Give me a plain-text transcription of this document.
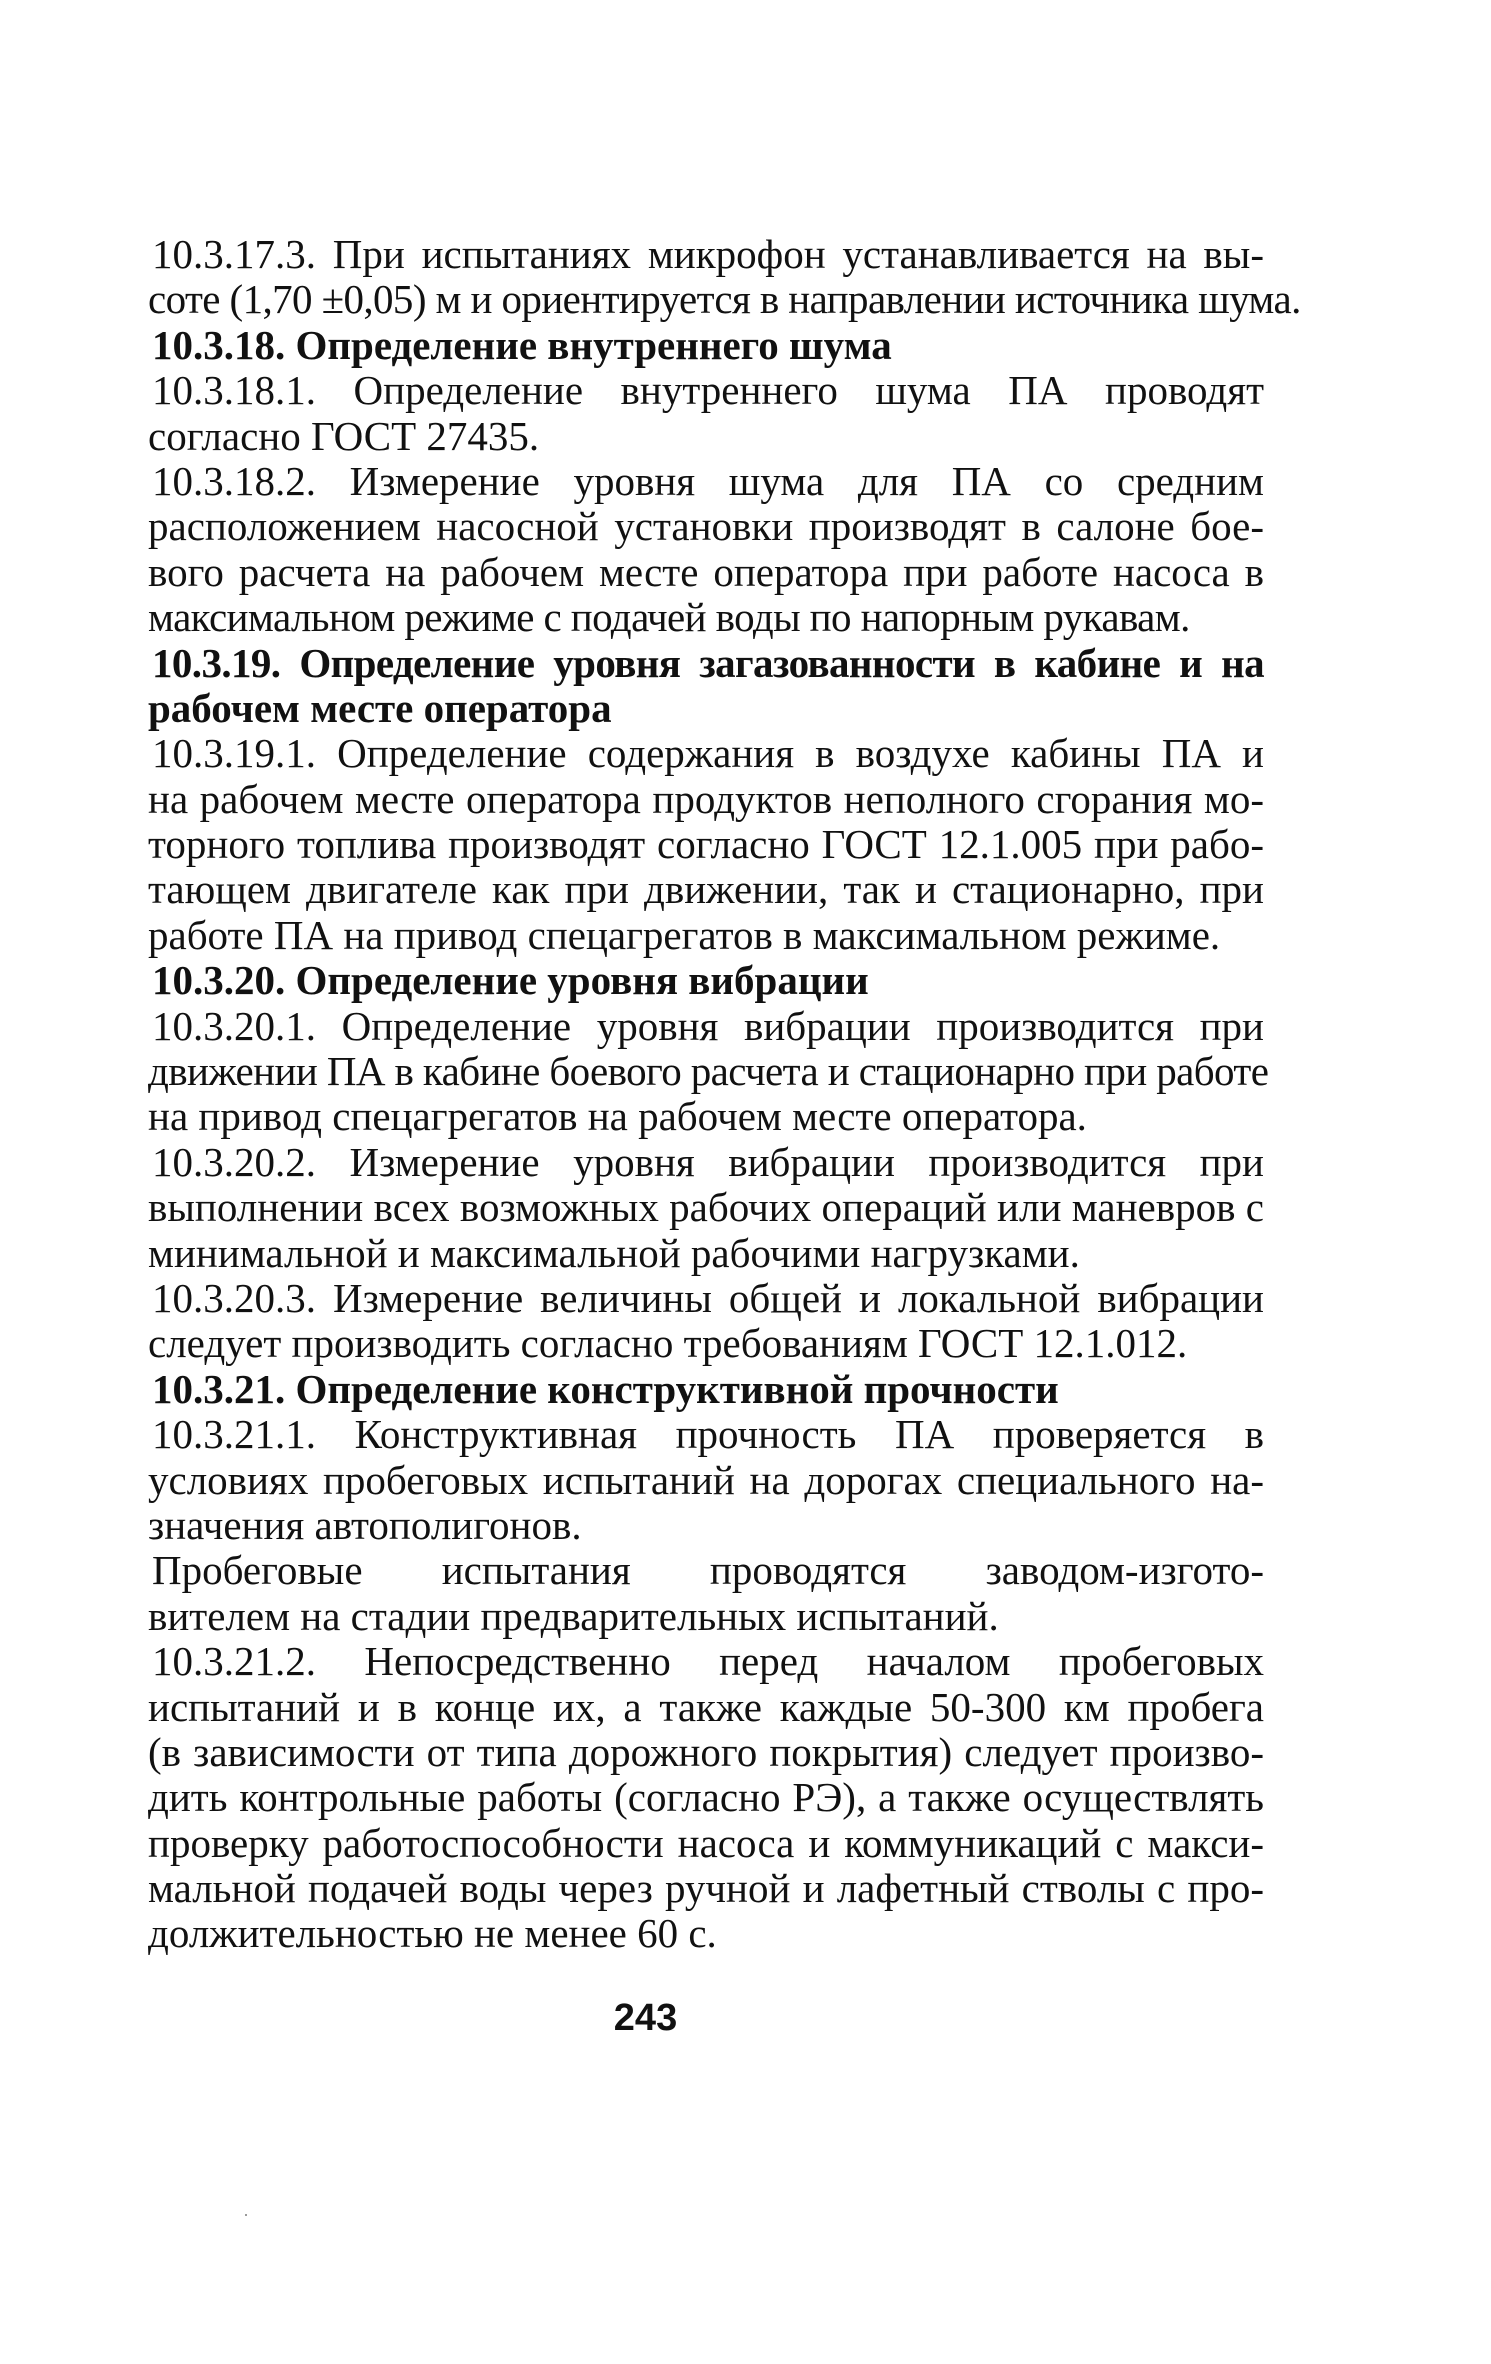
10.3.17.3. При испытаниях микрофон устанавливается на вы-
соте (1,70 ±0,05) м и ориентируется в направлении источника шума.
10.3.18. Определение внутреннего шума
10.3.18.1. Определение внутреннего шума ПА проводят
согласно ГОСТ 27435.
10.3.18.2. Измерение уровня шума для ПА со средним
расположением насосной установки производят в салоне бое-
вого расчета на рабочем месте оператора при работе насоса в
максимальном режиме с подачей воды по напорным рукавам.
10.3.19. Определение уровня загазованности в кабине и на
рабочем месте оператора
10.3.19.1. Определение содержания в воздухе кабины ПА и
на рабочем месте оператора продуктов неполного сгорания мо-
торного топлива производят согласно ГОСТ 12.1.005 при рабо-
тающем двигателе как при движении, так и стационарно, при
работе ПА на привод спецагрегатов в максимальном режиме.
10.3.20. Определение уровня вибрации
10.3.20.1. Определение уровня вибрации производится при
движении ПА в кабине боевого расчета и стационарно при работе
на привод спецагрегатов на рабочем месте оператора.
10.3.20.2. Измерение уровня вибрации производится при
выполнении всех возможных рабочих операций или маневров с
минимальной и максимальной рабочими нагрузками.
10.3.20.3. Измерение величины общей и локальной вибрации
следует производить согласно требованиям ГОСТ 12.1.012.
10.3.21. Определение конструктивной прочности
10.3.21.1. Конструктивная прочность ПА проверяется в
условиях пробеговых испытаний на дорогах специального на-
значения автополигонов.
Пробеговые испытания проводятся заводом-изгото-
вителем на стадии предварительных испытаний.
10.3.21.2. Непосредственно перед началом пробеговых
испытаний и в конце их, а также каждые 50-300 км пробега
(в зависимости от типа дорожного покрытия) следует произво-
дить контрольные работы (согласно РЭ), а также осуществлять
проверку работоспособности насоса и коммуникаций с макси-
мальной подачей воды через ручной и лафетный стволы с про-
должительностью не менее 60 с.
243
